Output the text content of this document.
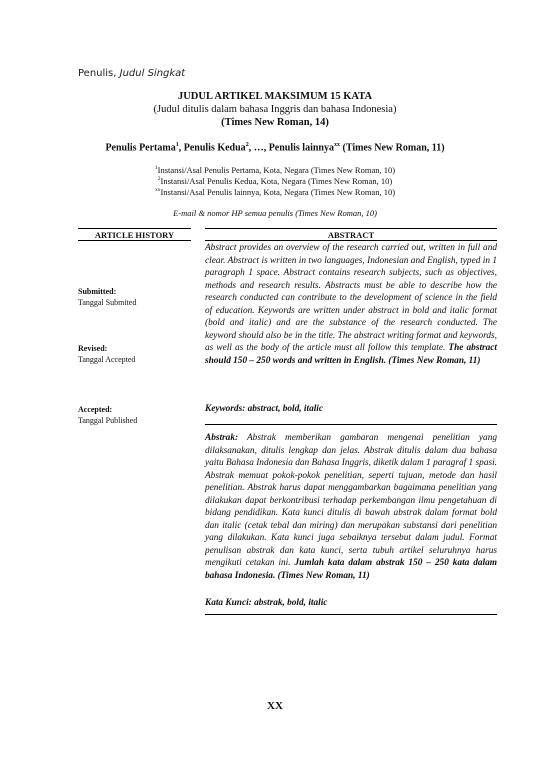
Penulis, Judul Singkat
JUDUL ARTIKEL MAKSIMUM 15 KATA
(Judul ditulis dalam bahasa Inggris dan bahasa Indonesia)
(Times New Roman, 14)
Penulis Pertama$^1$, Penulis Kedua$^2$, …, Penulis lainnya$^{xx}$ (Times New Roman, 11)
$^1$Instansi/Asal Penulis Pertama, Kota, Negara (Times New Roman, 10)
$^2$Instansi/Asal Penulis Kedua, Kota, Negara (Times New Roman, 10)
$^{xx}$Instansi/Asal Penulis lainnya, Kota, Negara (Times New Roman, 10)
E-mail & nomor HP semua penulis (Times New Roman, 10)
ARTICLE HISTORY	ABSTRACT
Submitted:
Tanggal Submited
Revised:
Tanggal Accepted
Accepted:
Tanggal Published
Abstract provides an overview of the research carried out, written in full and clear. Abstract is written in two languages, Indonesian and English, typed in 1 paragraph 1 space. Abstract contains research subjects, such as objectives, methods and research results. Abstracts must be able to describe how the research conducted can contribute to the development of science in the field of education. Keywords are written under abstract in bold and italic format (bold and italic) and are the substance of the research conducted. The keyword should also be in the title. The abstract writing format and keywords, as well as the body of the article must all follow this template. The abstract should 150 – 250 words and written in English. (Times New Roman, 11)
Keywords: abstract, bold, italic
Abstrak: Abstrak memberikan gambaran mengenai penelitian yang dilaksanakan, ditulis lengkap dan jelas. Abstrak ditulis dalam dua bahasa yaitu Bahasa Indonesia dan Bahasa Inggris, diketik dalam 1 paragraf 1 spasi. Abstrak memuat pokok-pokok penelitian, seperti tujuan, metode dan hasil penelitian. Abstrak harus dapat menggambarkan bagaimana penelitian yang dilakukan dapat berkontribusi terhadap perkembangan ilmu pengetahuan di bidang pendidikan. Kata kunci ditulis di bawah abstrak dalam format bold dan italic (cetak tebal dan miring) dan merupakan substansi dari penelitian yang dilakukan. Kata kunci juga sebaiknya tersebut dalam judul. Format penulisan abstrak dan kata kunci, serta tubuh artikel seluruhnya harus mengikuti cetakan ini. Jumlah kata dalam abstrak 150 – 250 kata dalam bahasa Indonesia. (Times New Roman, 11)
Kata Kunci: abstrak, bold, italic
XX
